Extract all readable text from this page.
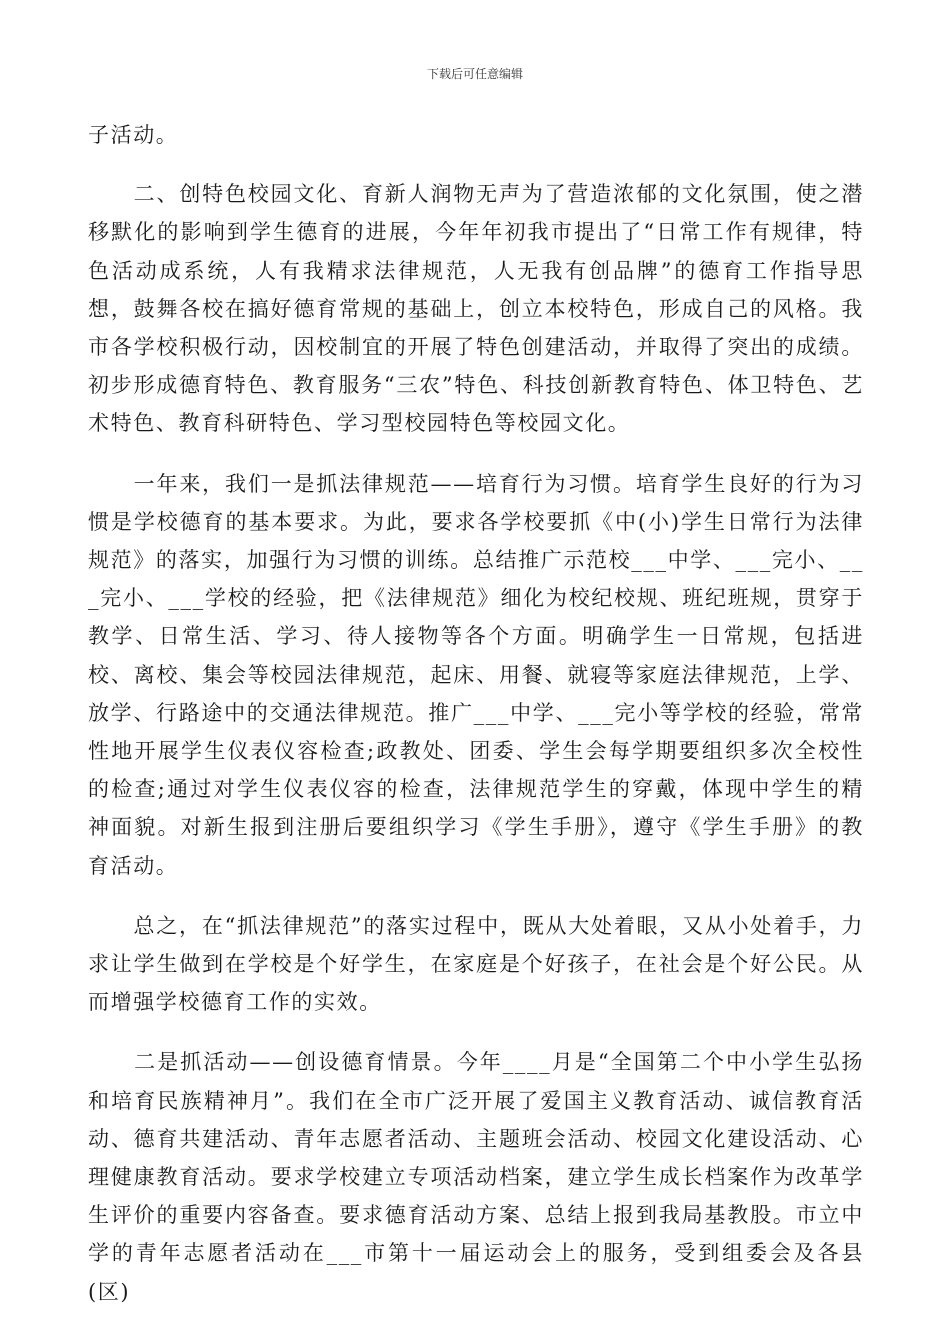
下载后可任意编辑

子活动。

　　二、创特色校园文化、育新人润物无声为了营造浓郁的文化氛围，使之潜移默化的影响到学生德育的进展，今年年初我市提出了“日常工作有规律，特色活动成系统，人有我精求法律规范，人无我有创品牌”的德育工作指导思想，鼓舞各校在搞好德育常规的基础上，创立本校特色，形成自己的风格。我市各学校积极行动，因校制宜的开展了特色创建活动，并取得了突出的成绩。初步形成德育特色、教育服务“三农”特色、科技创新教育特色、体卫特色、艺术特色、教育科研特色、学习型校园特色等校园文化。

　　一年来，我们一是抓法律规范——培育行为习惯。培育学生良好的行为习惯是学校德育的基本要求。为此，要求各学校要抓《中(小)学生日常行为法律规范》的落实，加强行为习惯的训练。总结推广示范校___中学、___完小、___完小、___学校的经验，把《法律规范》细化为校纪校规、班纪班规，贯穿于教学、日常生活、学习、待人接物等各个方面。明确学生一日常规，包括进校、离校、集会等校园法律规范，起床、用餐、就寝等家庭法律规范，上学、放学、行路途中的交通法律规范。推广___中学、___完小等学校的经验，常常性地开展学生仪表仪容检查;政教处、团委、学生会每学期要组织多次全校性的检查;通过对学生仪表仪容的检查，法律规范学生的穿戴，体现中学生的精神面貌。对新生报到注册后要组织学习《学生手册》，遵守《学生手册》的教育活动。

　　总之，在“抓法律规范”的落实过程中，既从大处着眼，又从小处着手，力求让学生做到在学校是个好学生，在家庭是个好孩子，在社会是个好公民。从而增强学校德育工作的实效。

　　二是抓活动——创设德育情景。今年____月是“全国第二个中小学生弘扬和培育民族精神月”。我们在全市广泛开展了爱国主义教育活动、诚信教育活动、德育共建活动、青年志愿者活动、主题班会活动、校园文化建设活动、心理健康教育活动。要求学校建立专项活动档案，建立学生成长档案作为改革学生评价的重要内容备查。要求德育活动方案、总结上报到我局基教股。市立中学的青年志愿者活动在___市第十一届运动会上的服务，受到组委会及各县(区)
